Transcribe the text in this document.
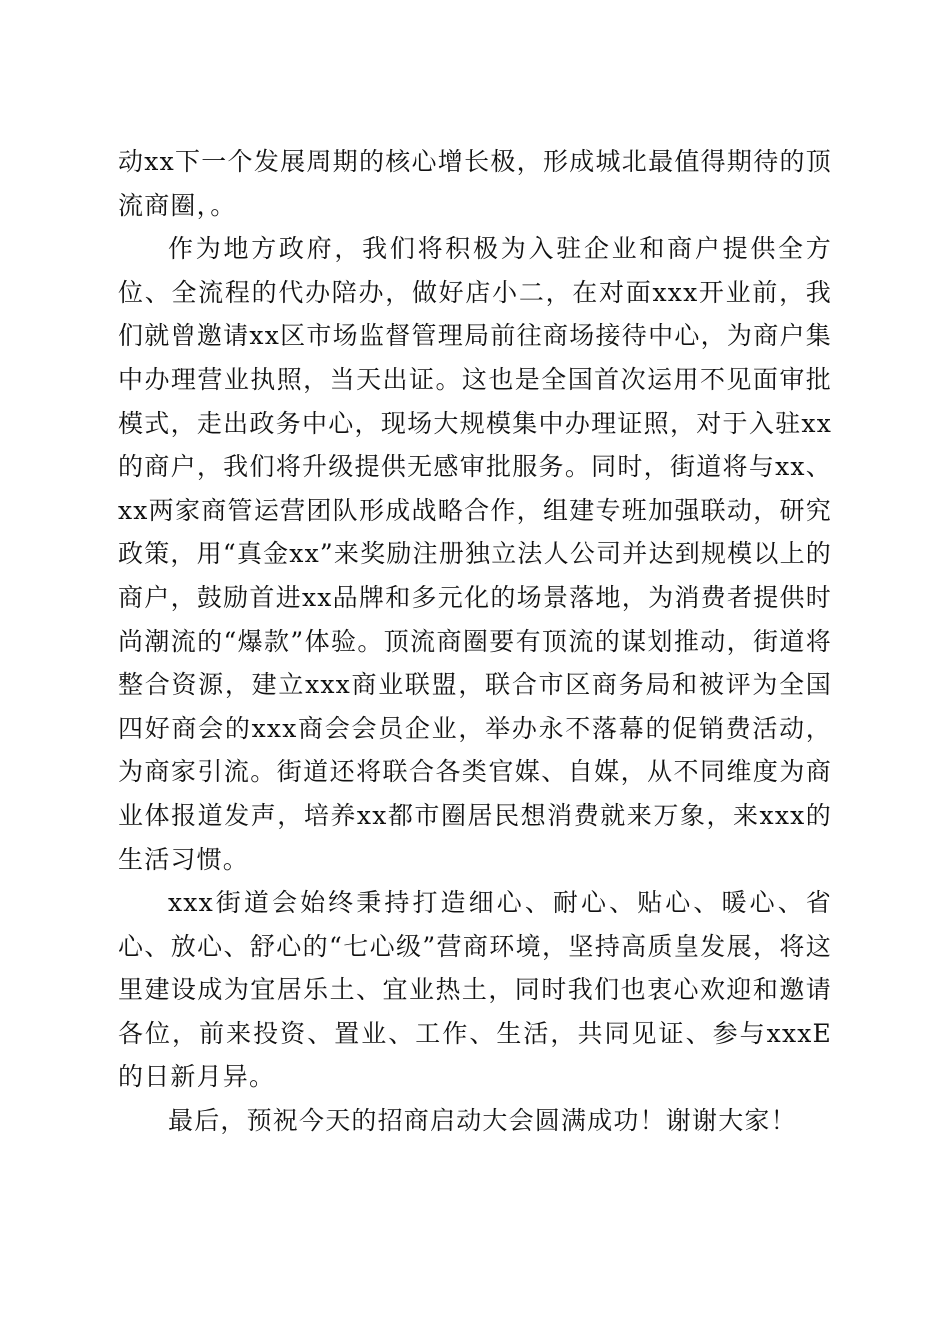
动xx下一个发展周期的核心增长极，形成城北最值得期待的顶流商圈，。

作为地方政府，我们将积极为入驻企业和商户提供全方位、全流程的代办陪办，做好店小二，在对面xxx开业前，我们就曾邀请xx区市场监督管理局前往商场接待中心，为商户集中办理营业执照，当天出证。这也是全国首次运用不见面审批模式，走出政务中心，现场大规模集中办理证照，对于入驻xx的商户，我们将升级提供无感审批服务。同时，街道将与xx、xx两家商管运营团队形成战略合作，组建专班加强联动，研究政策，用“真金xx”来奖励注册独立法人公司并达到规模以上的商户，鼓励首进xx品牌和多元化的场景落地，为消费者提供时尚潮流的“爆款”体验。顶流商圈要有顶流的谋划推动，街道将整合资源，建立xxx商业联盟，联合市区商务局和被评为全国四好商会的xxx商会会员企业，举办永不落幕的促销费活动，为商家引流。街道还将联合各类官媒、自媒，从不同维度为商业体报道发声，培养xx都市圈居民想消费就来万象，来xxx的生活习惯。

xxx街道会始终秉持打造细心、耐心、贴心、暖心、省心、放心、舒心的“七心级”营商环境，坚持高质皇发展，将这里建设成为宜居乐土、宜业热土，同时我们也衷心欢迎和邀请各位，前来投资、置业、工作、生活，共同见证、参与xxxE的日新月异。

最后，预祝今天的招商启动大会圆满成功！谢谢大家！
